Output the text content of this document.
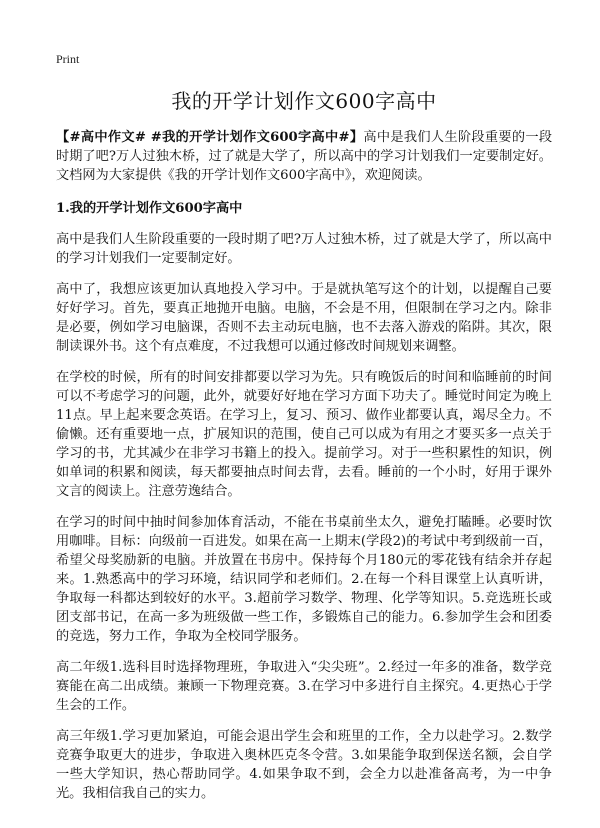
Print
我的开学计划作文600字高中

【#高中作文# #我的开学计划作文600字高中#】高中是我们人生阶段重要的一段时期了吧?万人过独木桥，过了就是大学了，所以高中的学习计划我们一定要制定好。文档网为大家提供《我的开学计划作文600字高中》，欢迎阅读。

1.我的开学计划作文600字高中

高中是我们人生阶段重要的一段时期了吧?万人过独木桥，过了就是大学了，所以高中的学习计划我们一定要制定好。

高中了，我想应该更加认真地投入学习中。于是就执笔写这个的计划，以提醒自己要好好学习。首先，要真正地抛开电脑。电脑，不会是不用，但限制在学习之内。除非是必要，例如学习电脑课，否则不去主动玩电脑，也不去落入游戏的陷阱。其次，限制读课外书。这个有点难度，不过我想可以通过修改时间规划来调整。

在学校的时候，所有的时间安排都要以学习为先。只有晚饭后的时间和临睡前的时间可以不考虑学习的问题，此外，就要好好地在学习方面下功夫了。睡觉时间定为晚上11点。早上起来要念英语。在学习上，复习、预习、做作业都要认真，竭尽全力。不偷懒。还有重要地一点，扩展知识的范围，使自己可以成为有用之才要买多一点关于学习的书，尤其减少在非学习书籍上的投入。提前学习。对于一些积累性的知识，例如单词的积累和阅读，每天都要抽点时间去背，去看。睡前的一个小时，好用于课外文言的阅读上。注意劳逸结合。

在学习的时间中抽时间参加体育活动，不能在书桌前坐太久，避免打瞌睡。必要时饮用咖啡。目标：向级前一百进发。如果在高一上期末(学段2)的考试中考到级前一百，希望父母奖励新的电脑。并放置在书房中。保持每个月180元的零花钱有结余并存起来。1.熟悉高中的学习环境，结识同学和老师们。2.在每一个科目课堂上认真听讲，争取每一科都达到较好的水平。3.超前学习数学、物理、化学等知识。5.竞选班长或团支部书记，在高一多为班级做一些工作，多锻炼自己的能力。6.参加学生会和团委的竞选，努力工作，争取为全校同学服务。

高二年级1.选科目时选择物理班，争取进入“尖尖班”。2.经过一年多的准备，数学竞赛能在高二出成绩。兼顾一下物理竞赛。3.在学习中多进行自主探究。4.更热心于学生会的工作。

高三年级1.学习更加紧迫，可能会退出学生会和班里的工作，全力以赴学习。2.数学竞赛争取更大的进步，争取进入奥林匹克冬令营。3.如果能争取到保送名额，会自学一些大学知识，热心帮助同学。4.如果争取不到，会全力以赴准备高考，为一中争光。我相信我自己的实力。
